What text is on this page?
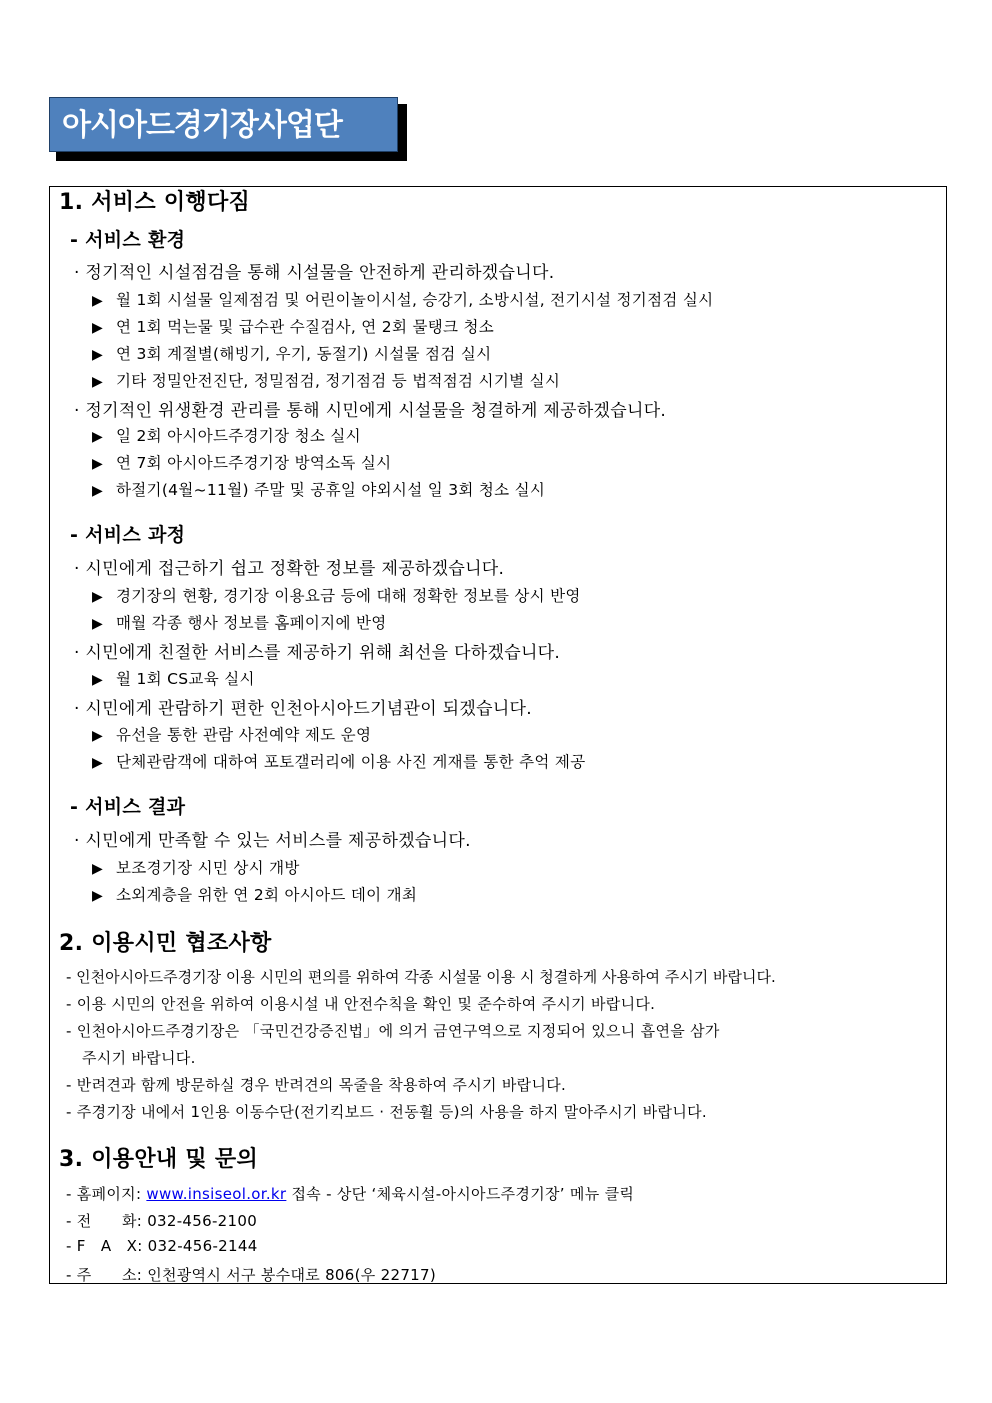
아시아드경기장사업단
1. 서비스 이행다짐
- 서비스 환경
· 정기적인 시설점검을 통해 시설물을 안전하게 관리하겠습니다.
▶ 월 1회 시설물 일제점검 및 어린이놀이시설, 승강기, 소방시설, 전기시설 정기점검 실시
▶ 연 1회 먹는물 및 급수관 수질검사, 연 2회 물탱크 청소
▶ 연 3회 계절별(해빙기, 우기, 동절기) 시설물 점검 실시
▶ 기타 정밀안전진단, 정밀점검, 정기점검 등 법적점검 시기별 실시
· 정기적인 위생환경 관리를 통해 시민에게 시설물을 청결하게 제공하겠습니다.
▶ 일 2회 아시아드주경기장 청소 실시
▶ 연 7회 아시아드주경기장 방역소독 실시
▶ 하절기(4월~11월) 주말 및 공휴일 야외시설 일 3회 청소 실시
- 서비스 과정
· 시민에게 접근하기 쉽고 정확한 정보를 제공하겠습니다.
▶ 경기장의 현황, 경기장 이용요금 등에 대해 정확한 정보를 상시 반영
▶ 매월 각종 행사 정보를 홈페이지에 반영
· 시민에게 친절한 서비스를 제공하기 위해 최선을 다하겠습니다.
▶ 월 1회 CS교육 실시
· 시민에게 관람하기 편한 인천아시아드기념관이 되겠습니다.
▶ 유선을 통한 관람 사전예약 제도 운영
▶ 단체관람객에 대하여 포토갤러리에 이용 사진 게재를 통한 추억 제공
- 서비스 결과
· 시민에게 만족할 수 있는 서비스를 제공하겠습니다.
▶ 보조경기장 시민 상시 개방
▶ 소외계층을 위한 연 2회 아시아드 데이 개최
2. 이용시민 협조사항
- 인천아시아드주경기장 이용 시민의 편의를 위하여 각종 시설물 이용 시 청결하게 사용하여 주시기 바랍니다.
- 이용 시민의 안전을 위하여 이용시설 내 안전수칙을 확인 및 준수하여 주시기 바랍니다.
- 인천아시아드주경기장은 「국민건강증진법」에 의거 금연구역으로 지정되어 있으니 흡연을 삼가
주시기 바랍니다.
- 반려견과 함께 방문하실 경우 반려견의 목줄을 착용하여 주시기 바랍니다.
- 주경기장 내에서 1인용 이동수단(전기킥보드 · 전동휠 등)의 사용을 하지 말아주시기 바랍니다.
3. 이용안내 및 문의
- 홈페이지: www.insiseol.or.kr 접속 - 상단 ‘체육시설-아시아드주경기장’ 메뉴 클릭
- 전      화: 032-456-2100
- F   A   X: 032-456-2144
- 주      소: 인천광역시 서구 봉수대로 806(우 22717)
